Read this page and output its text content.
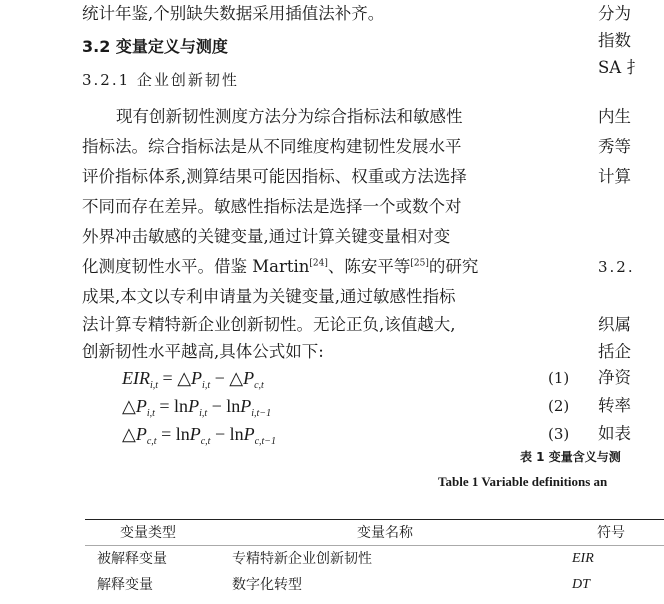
统计年鉴,个别缺失数据采用插值法补齐。
3.2 变量定义与测度
3.2.1 企业创新韧性
现有创新韧性测度方法分为综合指标法和敏感性
指标法。综合指标法是从不同维度构建韧性发展水平
评价指标体系,测算结果可能因指标、权重或方法选择
不同而存在差异。敏感性指标法是选择一个或数个对
外界冲击敏感的关键变量,通过计算关键变量相对变
化测度韧性水平。借鉴 Martin[24]、陈安平等[25]的研究
成果,本文以专利申请量为关键变量,通过敏感性指标
法计算专精特新企业创新韧性。无论正负,该值越大,
创新韧性水平越高,具体公式如下:
$EIR_{i,t}$ = $\triangle P_{i,t}$ − $\triangle P_{c,t}$	(1)
$\triangle P_{i,t} = \ln P_{i,t} - \ln P_{i,t-1}$	(2)
$\triangle P_{c,t} = \ln P_{c,t} - \ln P_{c,t-1}$	(3)
分为
指数
SA 扌
内生
秀等
计算
3.2.
织属
括企
净资
转率
如表
表 1 变量含义与测
Table 1 Variable definitions an
变量类型	变量名称	符号
被解释变量	专精特新企业创新韧性	EIR
解释变量	数字化转型	DT
